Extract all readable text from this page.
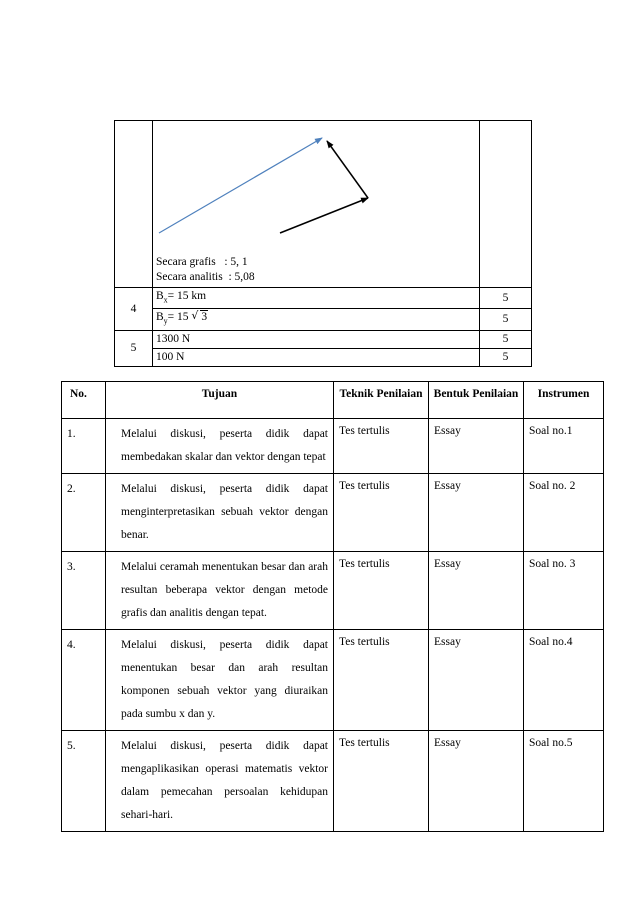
	Secara grafis   : 5, 1
Secara analitis  : 5,08	

4	$B_x= 15$ km	5
	$B_y= 15$ √ 3	5
5	1300 N	5
	100 N	5
No.	Tujuan	Teknik Penilaian	Bentuk Penilaian	Instrumen
1.	Melalui diskusi, peserta didik dapat membedakan skalar dan vektor dengan tepat	Tes tertulis	Essay	Soal no.1
2.	Melalui diskusi, peserta didik dapat menginterpretasikan sebuah vektor dengan benar.	Tes tertulis	Essay	Soal no. 2
3.	Melalui ceramah menentukan besar dan arah resultan beberapa vektor dengan metode grafis dan analitis dengan tepat.	Tes tertulis	Essay	Soal no. 3
4.	Melalui diskusi, peserta didik dapat menentukan besar dan arah resultan komponen sebuah vektor yang diuraikan pada sumbu x dan y.	Tes tertulis	Essay	Soal no.4
5.	Melalui diskusi, peserta didik dapat mengaplikasikan operasi matematis vektor dalam pemecahan persoalan kehidupan sehari-hari.	Tes tertulis	Essay	Soal no.5
